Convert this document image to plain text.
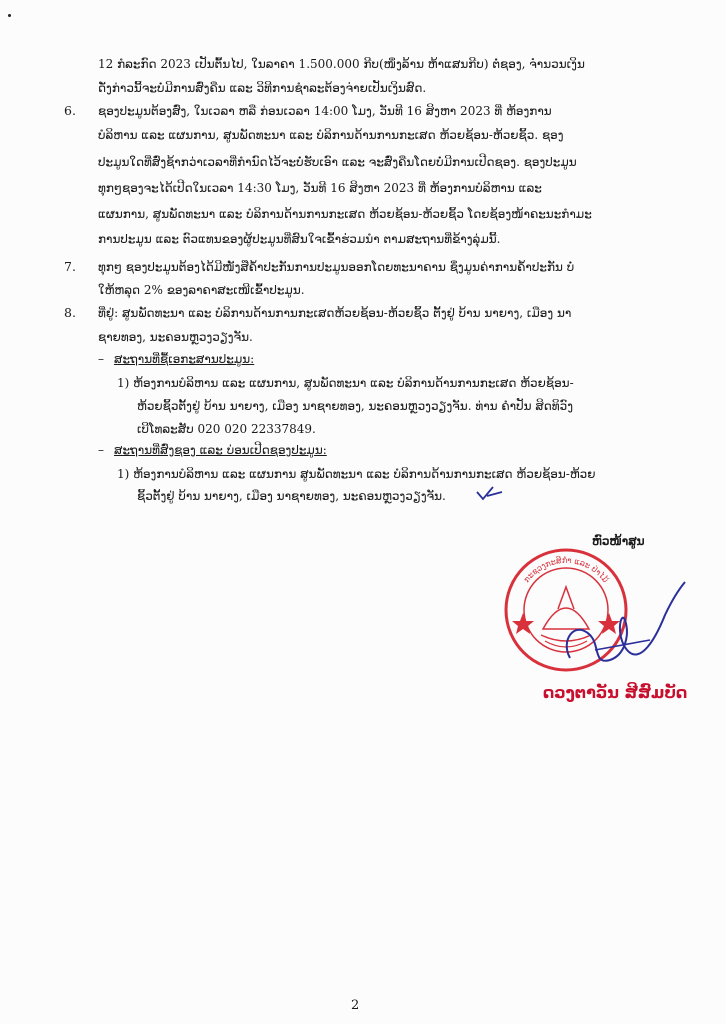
12 ກໍລະກົດ 2023 ເປັນຕົ້ນໄປ, ໃນລາຄາ 1.500.000 ກີບ(ໜຶ່ງລ້ານ ຫ້າແສນກີບ) ຕໍ່ຊອງ, ຈຳນວນເງິນ
ດັ່ງກ່າວນີ້ຈະບໍ່ມີການສົ່ງຄືນ ແລະ ວິທີການຊຳລະຕ້ອງຈ່າຍເປັນເງິນສົດ.
6. ຊອງປະມູນຕ້ອງສົ່ງ, ໃນເວລາ ຫລື ກ່ອນເວລາ 14:00 ໂມງ, ວັນທີ 16 ສິງຫາ 2023 ທີ່ ຫ້ອງການ
ບໍລິຫານ ແລະ ແຜນການ, ສູນພັດທະນາ ແລະ ບໍລິການດ້ານການກະເສດ ຫ້ວຍຊ້ອນ-ຫ້ວຍຊິ້ວ. ຊອງ
ປະມູນໃດທີ່ສົ່ງຊ້າກວ່າເວລາທີ່ກຳນົດໄວ້ຈະບໍ່ຮັບເອົາ ແລະ ຈະສົ່ງຄືນໂດຍບໍ່ມີການເປີດຊອງ. ຊອງປະມູນ
ທຸກໆຊອງຈະໄດ້ເປີດໃນເວລາ 14:30 ໂມງ, ວັນທີ 16 ສິງຫາ 2023 ທີ່ ຫ້ອງການບໍລິຫານ ແລະ
ແຜນການ, ສູນພັດທະນາ ແລະ ບໍລິການດ້ານການກະເສດ ຫ້ວຍຊ້ອນ-ຫ້ວຍຊິ້ວ ໂດຍຊ້ອງໜ້າຄະນະກຳມະ
ການປະມູນ ແລະ ຕົວແທນຂອງຜູ້ປະມູນທີ່ສົນໃຈເຂົ້າຮ່ວມນຳ ຕາມສະຖານທີ່ຂ້າງລຸ່ມນີ້.
7. ທຸກໆ ຊອງປະມູນຕ້ອງໄດ້ມີໜັງສືຄ້ຳປະກັນການປະມູນອອກໂດຍທະນາຄານ ຊຶ່ງມູນຄ່າການຄ້ຳປະກັນ ບໍ່
ໃຫ້ຫລຸດ 2% ຂອງລາຄາສະເໜີເຂົ້າປະມູນ.
8. ທີ່ຢູ່: ສູນພັດທະນາ ແລະ ບໍລິການດ້ານການກະເສດຫ້ວຍຊ້ອນ-ຫ້ວຍຊິ້ວ ຕັ້ງຢູ່ ບ້ານ ນາຍາງ, ເມືອງ ນາ
ຊາຍທອງ, ນະຄອນຫຼວງວຽງຈັນ.
– ສະຖານທີ່ຊື້ເອກະສານປະມູນ:
1) ຫ້ອງການບໍລິຫານ ແລະ ແຜນການ, ສູນພັດທະນາ ແລະ ບໍລິການດ້ານການກະເສດ ຫ້ວຍຊ້ອນ-
ຫ້ວຍຊິ້ວຕັ້ງຢູ່ ບ້ານ ນາຍາງ, ເມືອງ ນາຊາຍທອງ, ນະຄອນຫຼວງວຽງຈັນ. ທ່ານ ຄຳປັນ ສິດທິວົງ
ເບີໂທລະສັບ 020 020 22337849.
– ສະຖານທີ່ສົ່ງຊອງ ແລະ ບ່ອນເປີດຊອງປະມູນ:
1) ຫ້ອງການບໍລິຫານ ແລະ ແຜນການ ສູນພັດທະນາ ແລະ ບໍລິການດ້ານການກະເສດ ຫ້ວຍຊ້ອນ-ຫ້ວຍ
ຊິ້ວຕັ້ງຢູ່ ບ້ານ ນາຍາງ, ເມືອງ ນາຊາຍທອງ, ນະຄອນຫຼວງວຽງຈັນ.
ຫົວໜ້າສູນ
ກະຊວງກະສິກຳ ແລະ ປ່າໄມ້
ດວງຕາວັນ ສີສົມບັດ
2
